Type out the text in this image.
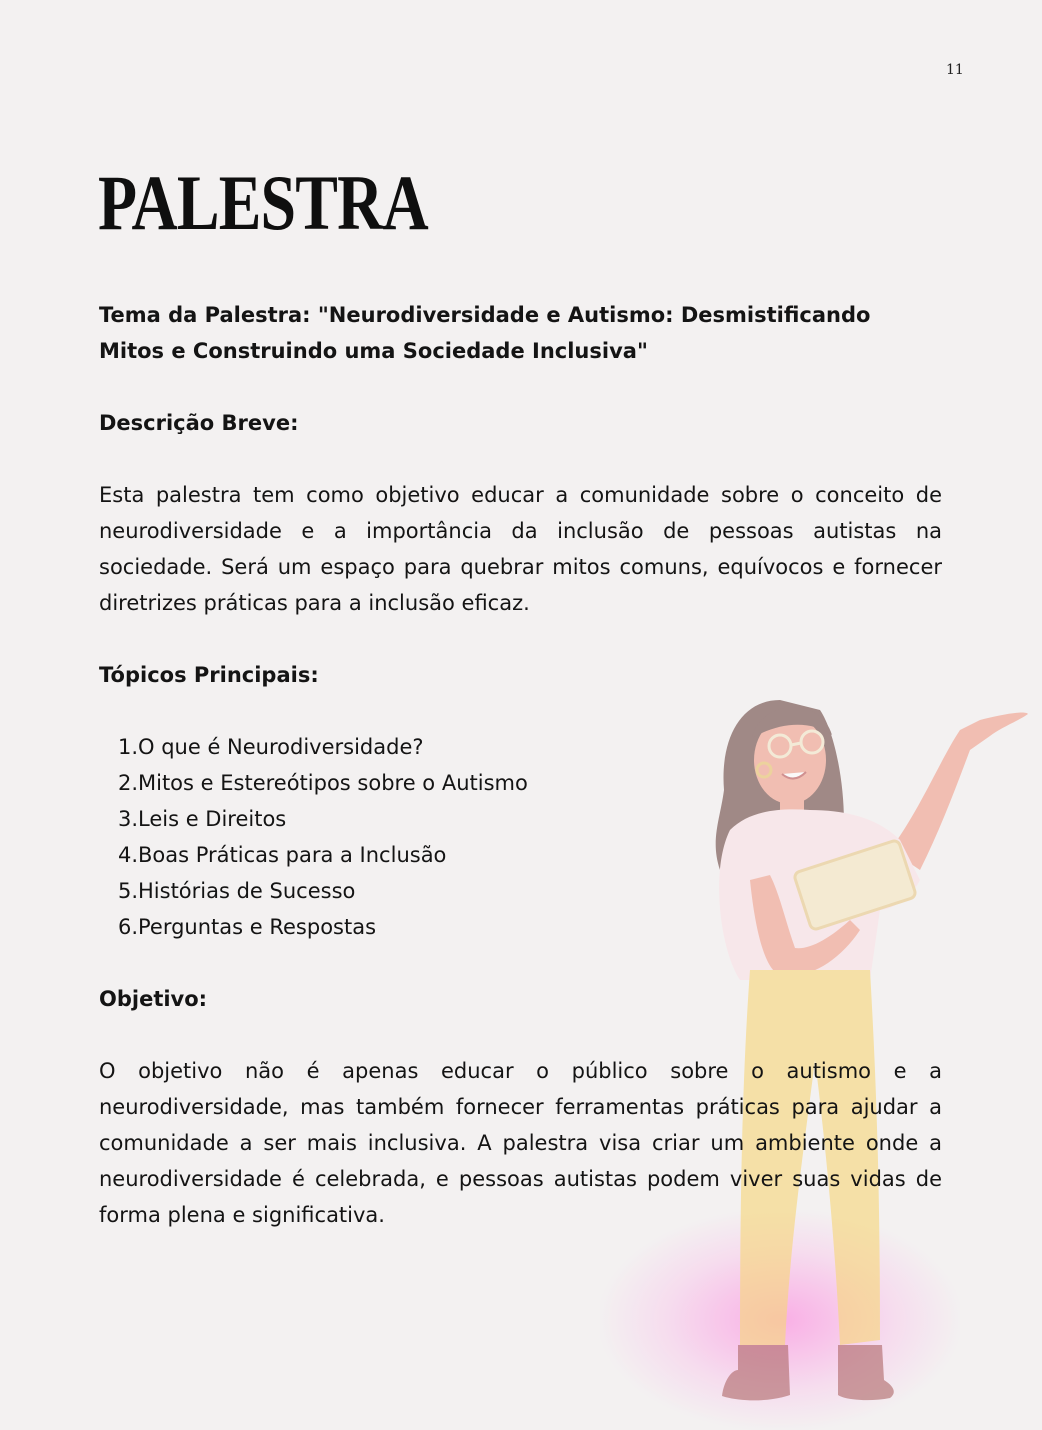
11
PALESTRA

Tema da Palestra: "Neurodiversidade e Autismo: Desmistificando Mitos e Construindo uma Sociedade Inclusiva"

Descrição Breve:

Esta palestra tem como objetivo educar a comunidade sobre o conceito de neurodiversidade e a importância da inclusão de pessoas autistas na sociedade. Será um espaço para quebrar mitos comuns, equívocos e fornecer diretrizes práticas para a inclusão eficaz.

Tópicos Principais:

1. O que é Neurodiversidade?
2. Mitos e Estereótipos sobre o Autismo
3. Leis e Direitos
4. Boas Práticas para a Inclusão
5. Histórias de Sucesso
6. Perguntas e Respostas

Objetivo:

O objetivo não é apenas educar o público sobre o autismo e a neurodiversidade, mas também fornecer ferramentas práticas para ajudar a comunidade a ser mais inclusiva. A palestra visa criar um ambiente onde a neurodiversidade é celebrada, e pessoas autistas podem viver suas vidas de forma plena e significativa.
